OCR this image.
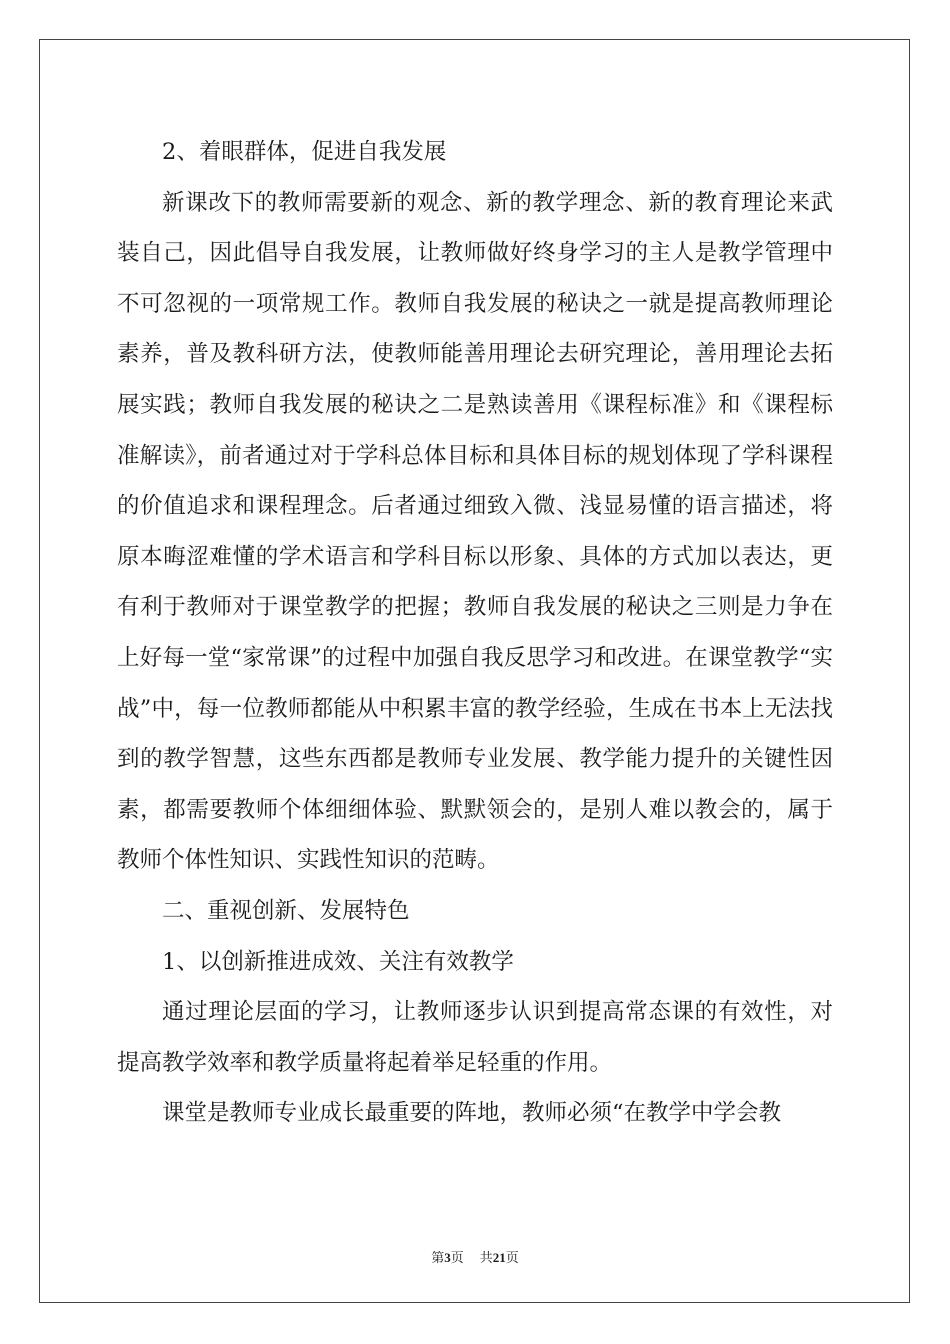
2、着眼群体，促进自我发展

新课改下的教师需要新的观念、新的教学理念、新的教育理论来武装自己，因此倡导自我发展，让教师做好终身学习的主人是教学管理中不可忽视的一项常规工作。教师自我发展的秘诀之一就是提高教师理论素养，普及教科研方法，使教师能善用理论去研究理论，善用理论去拓展实践；教师自我发展的秘诀之二是熟读善用《课程标准》和《课程标准解读》，前者通过对于学科总体目标和具体目标的规划体现了学科课程的价值追求和课程理念。后者通过细致入微、浅显易懂的语言描述，将原本晦涩难懂的学术语言和学科目标以形象、具体的方式加以表达，更有利于教师对于课堂教学的把握；教师自我发展的秘诀之三则是力争在上好每一堂“家常课”的过程中加强自我反思学习和改进。在课堂教学“实战”中，每一位教师都能从中积累丰富的教学经验，生成在书本上无法找到的教学智慧，这些东西都是教师专业发展、教学能力提升的关键性因素，都需要教师个体细细体验、默默领会的，是别人难以教会的，属于教师个体性知识、实践性知识的范畴。

二、重视创新、发展特色

1、以创新推进成效、关注有效教学

通过理论层面的学习，让教师逐步认识到提高常态课的有效性，对提高教学效率和教学质量将起着举足轻重的作用。

课堂是教师专业成长最重要的阵地，教师必须“在教学中学会教

第3页 共21页
